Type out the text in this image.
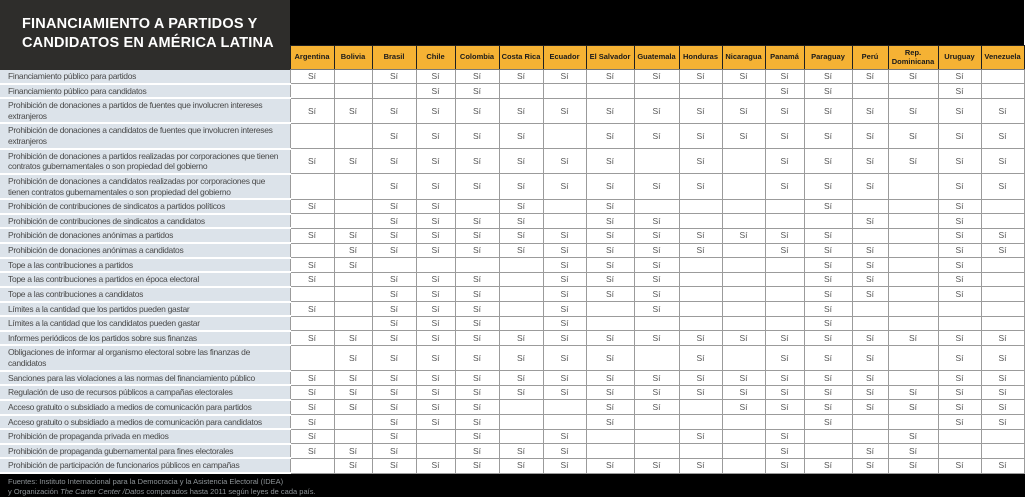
FINANCIAMIENTO A PARTIDOS Y CANDIDATOS EN AMÉRICA LATINA																	

	Argentina	Bolivia	Brasil	Chile	Colombia	Costa Rica	Ecuador	El Salvador	Guatemala	Honduras	Nicaragua	Panamá	Paraguay	Perú	Rep. Dominicana	Uruguay	Venezuela
Financiamiento público para partidos	Sí		Sí	Sí	Sí	Sí	Sí	Sí	Sí	Sí	Sí	Sí	Sí	Sí	Sí	Sí	
Financiamiento público para candidatos				Sí	Sí							Sí	Sí			Sí	
Prohibición de donaciones a partidos de fuentes que involucren intereses extranjeros	Sí	Sí	Sí	Sí	Sí	Sí	Sí	Sí	Sí	Sí	Sí	Sí	Sí	Sí	Sí	Sí	Sí
Prohibición de donaciones a candidatos de fuentes que involucren intereses extranjeros			Sí	Sí	Sí	Sí		Sí	Sí	Sí	Sí	Sí	Sí	Sí	Sí	Sí	Sí
Prohibición de donaciones a partidos realizadas por corporaciones que tienen contratos gubernamentales o son propiedad del gobierno	Sí	Sí	Sí	Sí	Sí	Sí	Sí	Sí		Sí		Sí	Sí	Sí	Sí	Sí	Sí
Prohibición de donaciones a candidatos realizadas por corporaciones que tienen contratos gubernamentales o son propiedad del gobierno			Sí	Sí	Sí	Sí	Sí	Sí	Sí	Sí		Sí	Sí	Sí		Sí	Sí
Prohibición de contribuciones de sindicatos a partidos políticos	Sí		Sí	Sí		Sí		Sí					Sí			Sí	
Prohibición de contribuciones de sindicatos a candidatos			Sí	Sí	Sí	Sí		Sí	Sí					Sí		Sí	
Prohibición de donaciones anónimas a partidos	Sí	Sí	Sí	Sí	Sí	Sí	Sí	Sí	Sí	Sí	Sí	Sí	Sí			Sí	Sí
Prohibición de donaciones anónimas a candidatos		Sí	Sí	Sí	Sí	Sí	Sí	Sí	Sí	Sí		Sí	Sí	Sí		Sí	Sí
Tope a las contribuciones a partidos	Sí	Sí					Sí	Sí	Sí				Sí	Sí		Sí	
Tope a las contribuciones a partidos en época electoral	Sí		Sí	Sí	Sí		Sí	Sí	Sí				Sí	Sí		Sí	
Tope a las contribuciones a candidatos			Sí	Sí	Sí		Sí	Sí	Sí				Sí	Sí		Sí	
Límites a la cantidad que los partidos pueden gastar	Sí		Sí	Sí	Sí		Sí		Sí				Sí				
Límites a la cantidad que los candidatos pueden gastar			Sí	Sí	Sí		Sí						Sí				
Informes periódicos de los partidos sobre sus finanzas	Sí	Sí	Sí	Sí	Sí	Sí	Sí	Sí	Sí	Sí	Sí	Sí	Sí	Sí	Sí	Sí	Sí
Obligaciones de informar al organismo electoral sobre las finanzas de candidatos		Sí	Sí	Sí	Sí	Sí	Sí	Sí		Sí		Sí	Sí	Sí		Sí	Sí
Sanciones para las violaciones a las normas del financiamiento público	Sí	Sí	Sí	Sí	Sí	Sí	Sí	Sí	Sí	Sí	Sí	Sí	Sí	Sí		Sí	Sí
Regulación de uso de recursos públicos a campañas electorales	Sí	Sí	Sí	Sí	Sí	Sí	Sí	Sí	Sí	Sí	Sí	Sí	Sí	Sí	Sí	Sí	Sí
Acceso gratuito o subsidiado a medios de comunicación para partidos	Sí	Sí	Sí	Sí	Sí			Sí	Sí		Sí	Sí	Sí	Sí	Sí	Sí	Sí
Acceso gratuito o subsidiado a medios de comunicación para candidatos	Sí		Sí	Sí	Sí			Sí					Sí			Sí	Sí
Prohibición de propaganda privada en medios	Sí		Sí		Sí		Sí			Sí		Sí			Sí		
Prohibición de propaganda gubernamental para fines electorales	Sí	Sí	Sí		Sí	Sí	Sí					Sí		Sí	Sí		
Prohibición de participación de funcionarios públicos en campañas		Sí	Sí	Sí	Sí	Sí	Sí	Sí	Sí	Sí		Sí	Sí	Sí	Sí	Sí	Sí
Fuentes: Instituto Internacional para la Democracia y la Asistencia Electoral (IDEA)
y Organización The Carter Center /Datos comparados hasta 2011 según leyes de cada país.
